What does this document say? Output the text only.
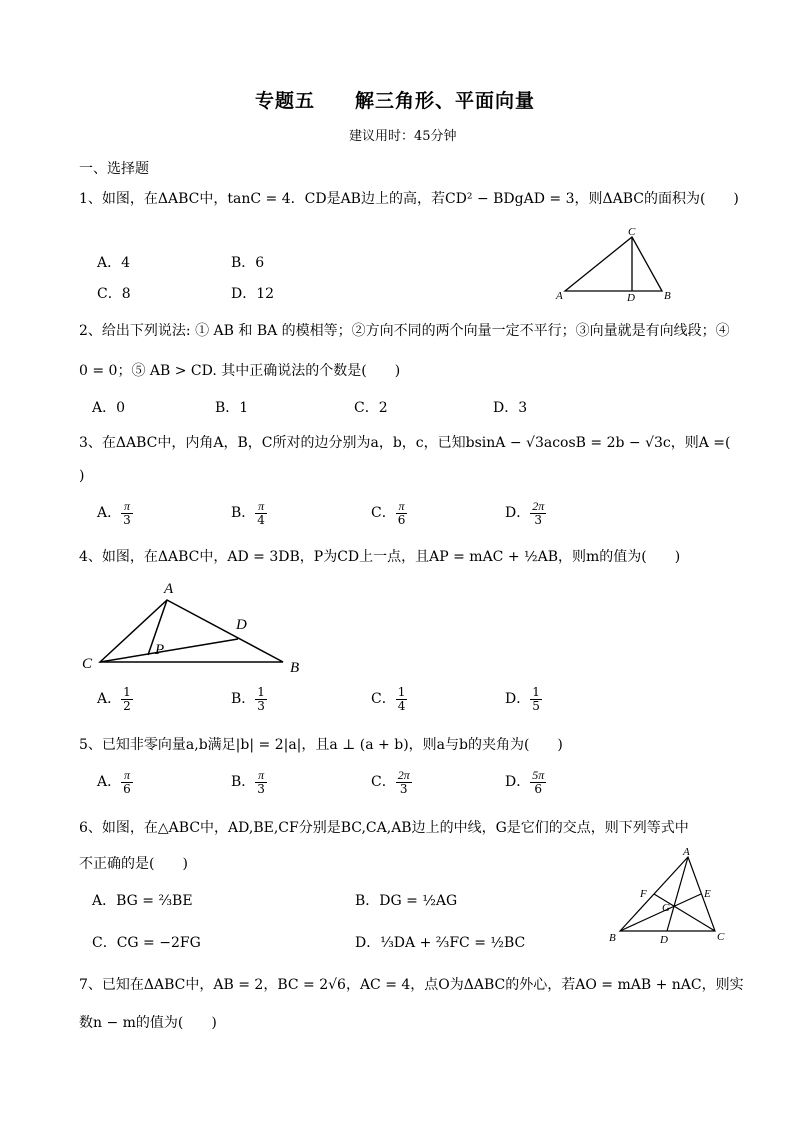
专题五　　解三角形、平面向量
建议用时：45分钟
一、选择题
1、如图，在ΔABC中，tanC = 4．CD是AB边上的高，若CD² − BDgAD = 3，则ΔABC的面积为(　　)
A．4	B．6
C．8	D．12
C
A	D	B
2、给出下列说法: ① AB 和 BA 的模相等；②方向不同的两个向量一定不平行；③向量就是有向线段；④
0 = 0；⑤ AB > CD. 其中正确说法的个数是(　　)
A．0	B．1	C．2	D．3
3、在ΔABC中，内角A，B，C所对的边分别为a，b，c，已知bsinA − √3acosB = 2b − √3c，则A =(
)
A． $\frac{\pi}{3}$	B． $\frac{\pi}{4}$	C． $\frac{\pi}{6}$	D． $\frac{2\pi}{3}$
4、如图，在ΔABC中，AD = 3DB，P为CD上一点，且AP = mAC + ½AB，则m的值为(　　)
A
D
P
C	B
A． $\frac{1}{2}$	B． $\frac{1}{3}$	C． $\frac{1}{4}$	D． $\frac{1}{5}$
5、已知非零向量a,b满足|b| = 2|a|，且a ⊥ (a + b)，则a与b的夹角为(　　)
A． $\frac{\pi}{6}$	B． $\frac{\pi}{3}$	C． $\frac{2\pi}{3}$	D． $\frac{5\pi}{6}$
6、如图，在△ABC中，AD,BE,CF分别是BC,CA,AB边上的中线，G是它们的交点，则下列等式中
不正确的是(　　)
A．BG = ⅔BE	B．DG = ½AG
C．CG = −2FG	D．⅓DA + ⅔FC = ½BC
A
F	E
G
B	D	C
7、已知在ΔABC中，AB = 2，BC = 2√6，AC = 4，点O为ΔABC的外心，若AO = mAB + nAC，则实
数n − m的值为(　　)
